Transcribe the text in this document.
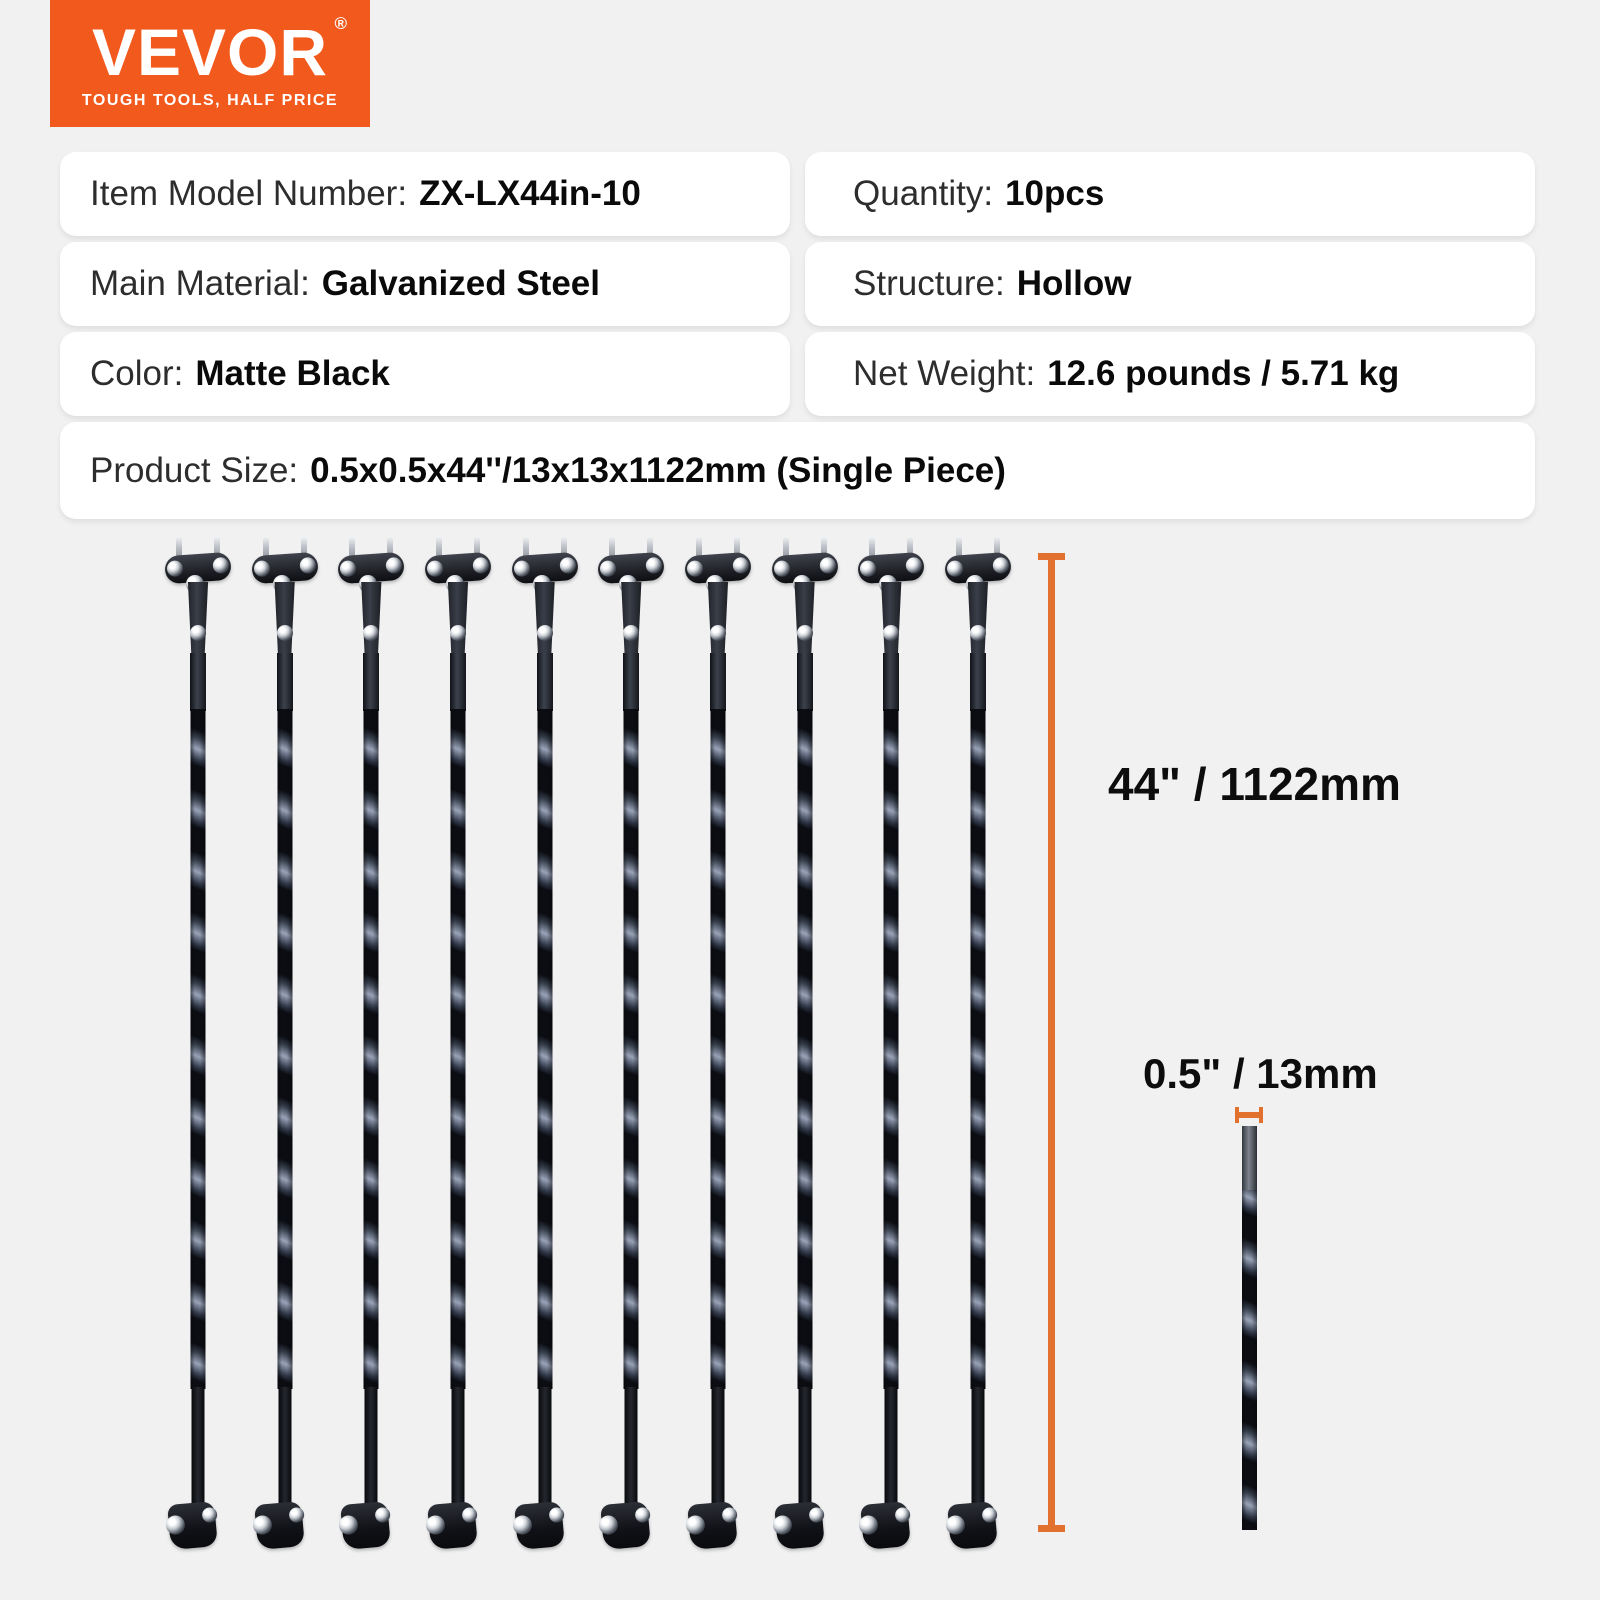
VEVOR ®
TOUGH TOOLS, HALF PRICE
Item Model Number: ZX-LX44in-10	Quantity: 10pcs
Main Material: Galvanized Steel	Structure: Hollow
Color: Matte Black	Net Weight: 12.6 pounds / 5.71 kg
Product Size: 0.5x0.5x44''/13x13x1122mm (Single Piece)
44" / 1122mm
0.5" / 13mm
